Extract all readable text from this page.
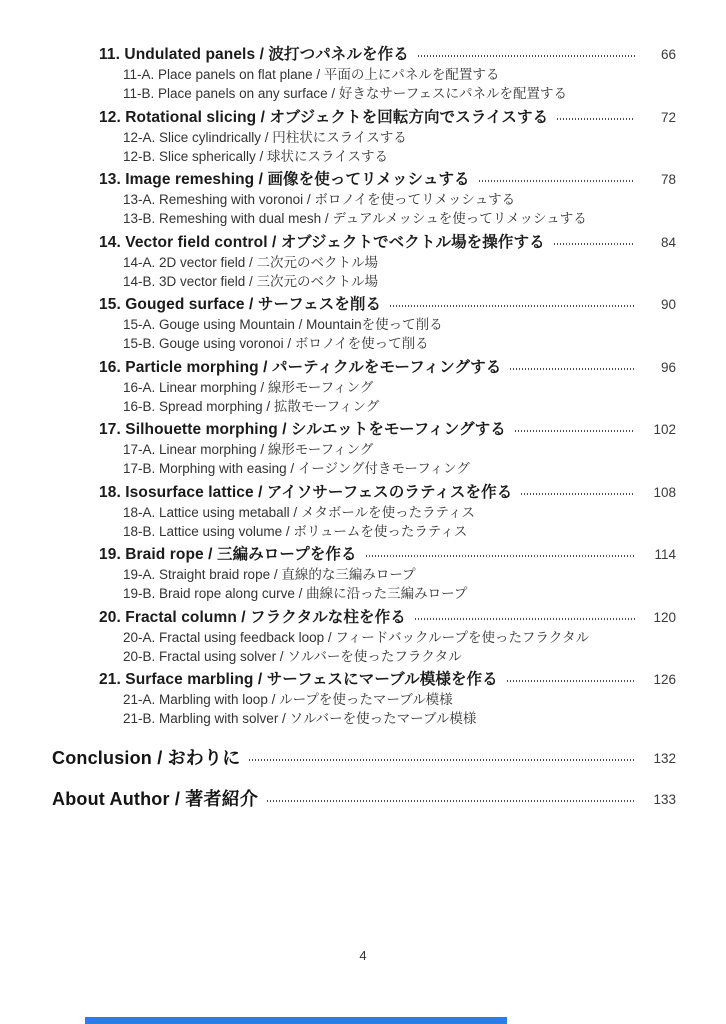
11. Undulated panels / 波打つパネルを作る	66
11-A. Place panels on flat plane / 平面の上にパネルを配置する
11-B. Place panels on any surface / 好きなサーフェスにパネルを配置する
12. Rotational slicing / オブジェクトを回転方向でスライスする	72
12-A. Slice cylindrically / 円柱状にスライスする
12-B. Slice spherically / 球状にスライスする
13. Image remeshing / 画像を使ってリメッシュする	78
13-A. Remeshing with voronoi / ボロノイを使ってリメッシュする
13-B. Remeshing with dual mesh / デュアルメッシュを使ってリメッシュする
14. Vector field control / オブジェクトでベクトル場を操作する	84
14-A. 2D vector field / 二次元のベクトル場
14-B. 3D vector field / 三次元のベクトル場
15. Gouged surface / サーフェスを削る	90
15-A. Gouge using Mountain / Mountainを使って削る
15-B. Gouge using voronoi / ボロノイを使って削る
16. Particle morphing / パーティクルをモーフィングする	96
16-A. Linear morphing / 線形モーフィング
16-B. Spread morphing / 拡散モーフィング
17. Silhouette morphing / シルエットをモーフィングする	102
17-A. Linear morphing / 線形モーフィング
17-B. Morphing with easing / イージング付きモーフィング
18. Isosurface lattice / アイソサーフェスのラティスを作る	108
18-A. Lattice using metaball / メタボールを使ったラティス
18-B. Lattice using volume / ボリュームを使ったラティス
19. Braid rope / 三編みロープを作る	114
19-A. Straight braid rope / 直線的な三編みロープ
19-B. Braid rope along curve / 曲線に沿った三編みロープ
20. Fractal column / フラクタルな柱を作る	120
20-A. Fractal using feedback loop / フィードバックループを使ったフラクタル
20-B. Fractal using solver / ソルバーを使ったフラクタル
21. Surface marbling / サーフェスにマーブル模様を作る	126
21-A. Marbling with loop / ループを使ったマーブル模様
21-B. Marbling with solver / ソルバーを使ったマーブル模様
Conclusion / おわりに	132
About Author / 著者紹介	133
4
